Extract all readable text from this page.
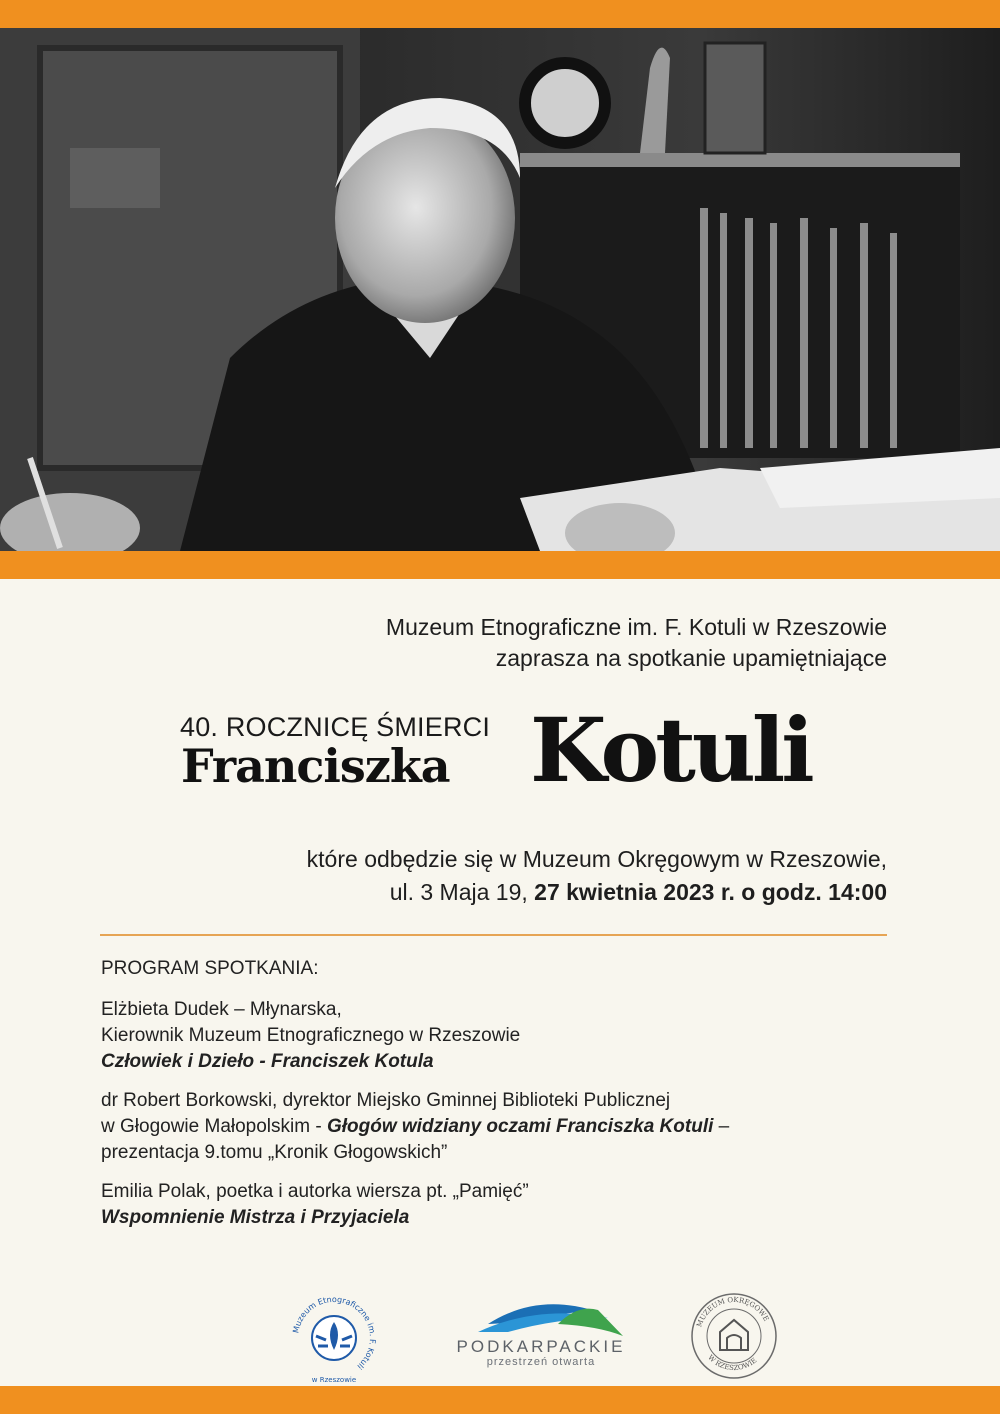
Muzeum Etnograficzne im. F. Kotuli w Rzeszowie
zaprasza na spotkanie upamiętniające
40. ROCZNICĘ ŚMIERCI
Franciszka Kotuli
które odbędzie się w Muzeum Okręgowym w Rzeszowie,
ul. 3 Maja 19, 27 kwietnia 2023 r. o godz. 14:00
PROGRAM SPOTKANIA:
Elżbieta Dudek – Młynarska,
Kierownik Muzeum Etnograficznego w Rzeszowie
Człowiek i Dzieło - Franciszek Kotula
dr Robert Borkowski, dyrektor Miejsko Gminnej Biblioteki Publicznej
w Głogowie Małopolskim - Głogów widziany oczami Franciszka Kotuli –
prezentacja 9.tomu „Kronik Głogowskich”
Emilia Polak, poetka i autorka wiersza pt. „Pamięć”
Wspomnienie Mistrza i Przyjaciela
Muzeum Etnograficzne im. F. Kotuli
w Rzeszowie
PODKARPACKIE
przestrzeń otwarta
MUZEUM OKRĘGOWE
W RZESZOWIE
